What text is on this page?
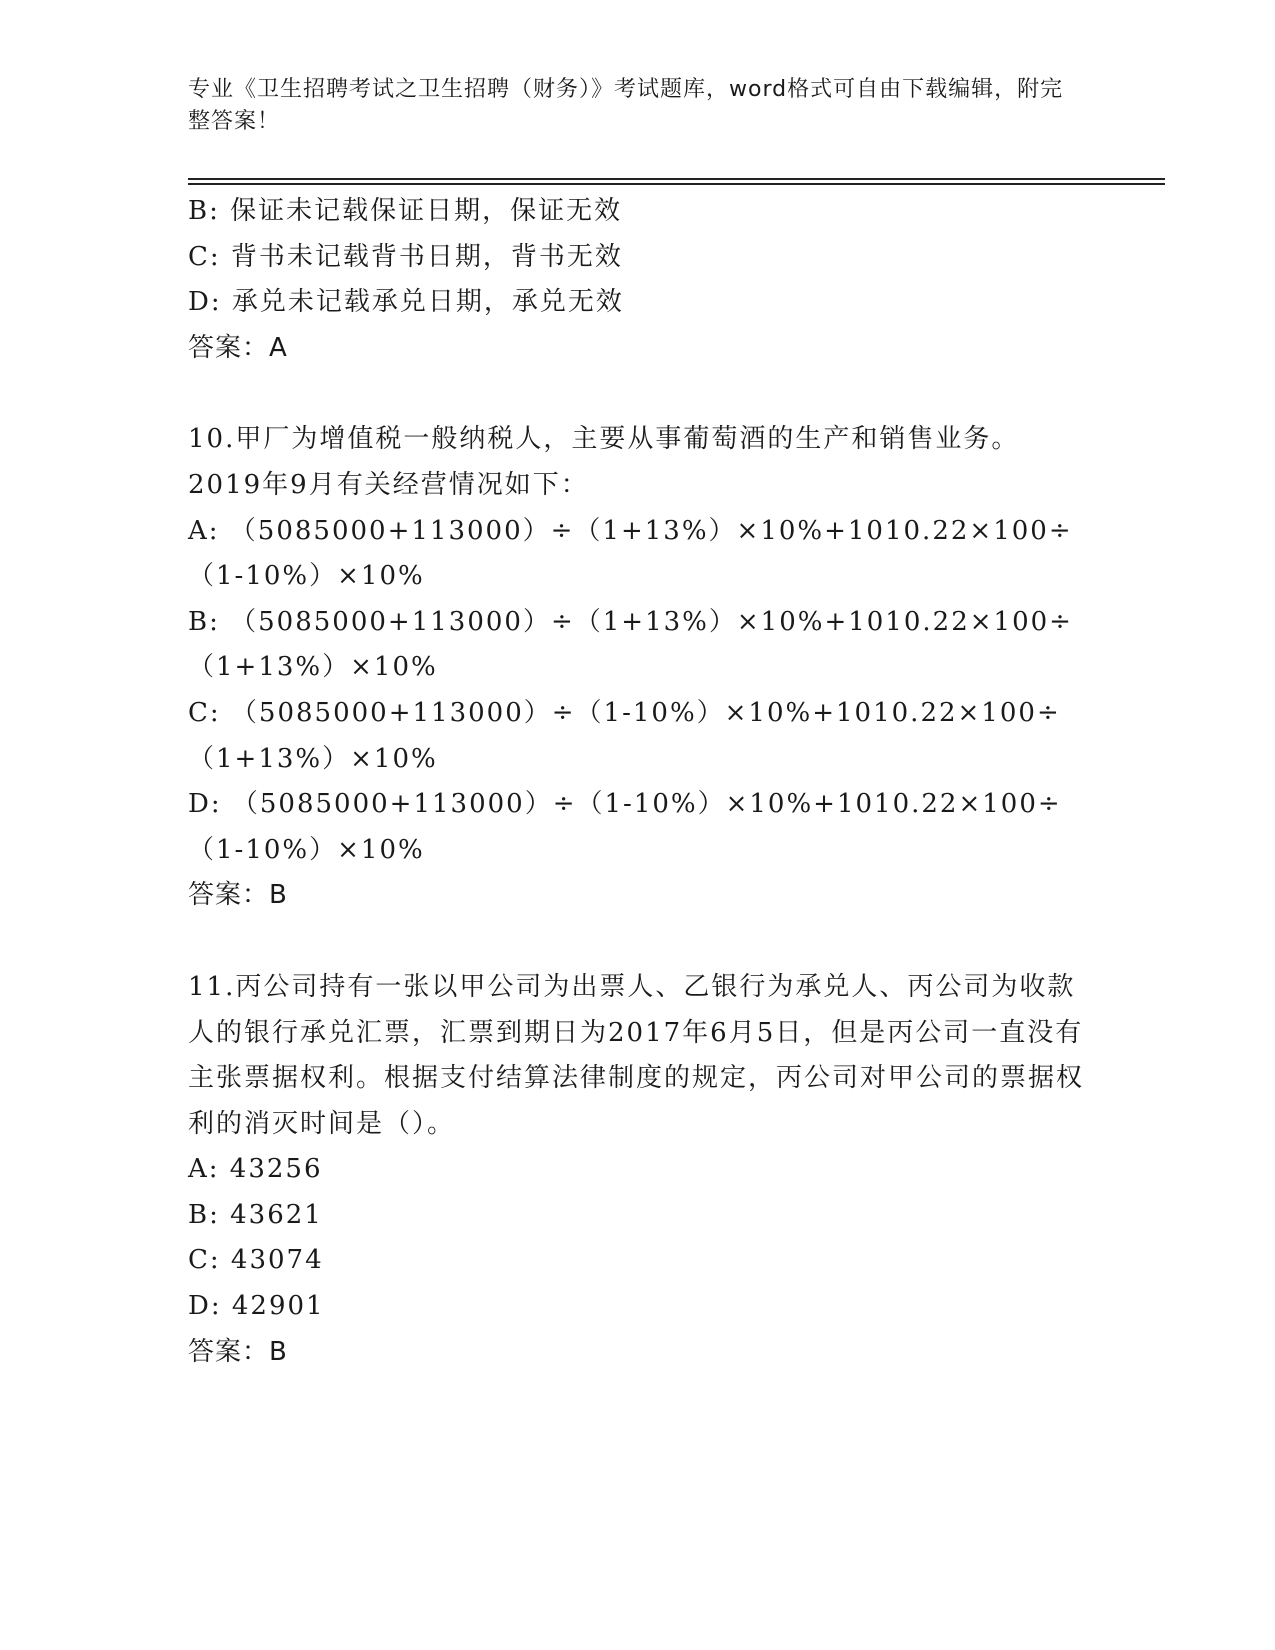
专业《卫生招聘考试之卫生招聘（财务）》考试题库，word格式可自由下载编辑，附完整答案！

B: 保证未记载保证日期，保证无效

C: 背书未记载背书日期，背书无效

D: 承兑未记载承兑日期，承兑无效

答案：A

10.甲厂为增值税一般纳税人，主要从事葡萄酒的生产和销售业务。2019年9月有关经营情况如下：

A: （5085000+113000）÷（1+13%）×10%+1010.22×100÷（1-10%）×10%

B: （5085000+113000）÷（1+13%）×10%+1010.22×100÷（1+13%）×10%

C: （5085000+113000）÷（1-10%）×10%+1010.22×100÷（1+13%）×10%

D: （5085000+113000）÷（1-10%）×10%+1010.22×100÷（1-10%）×10%

答案：B

11.丙公司持有一张以甲公司为出票人、乙银行为承兑人、丙公司为收款人的银行承兑汇票，汇票到期日为2017年6月5日，但是丙公司一直没有主张票据权利。根据支付结算法律制度的规定，丙公司对甲公司的票据权利的消灭时间是（）。

A: 43256

B: 43621

C: 43074

D: 42901

答案：B
